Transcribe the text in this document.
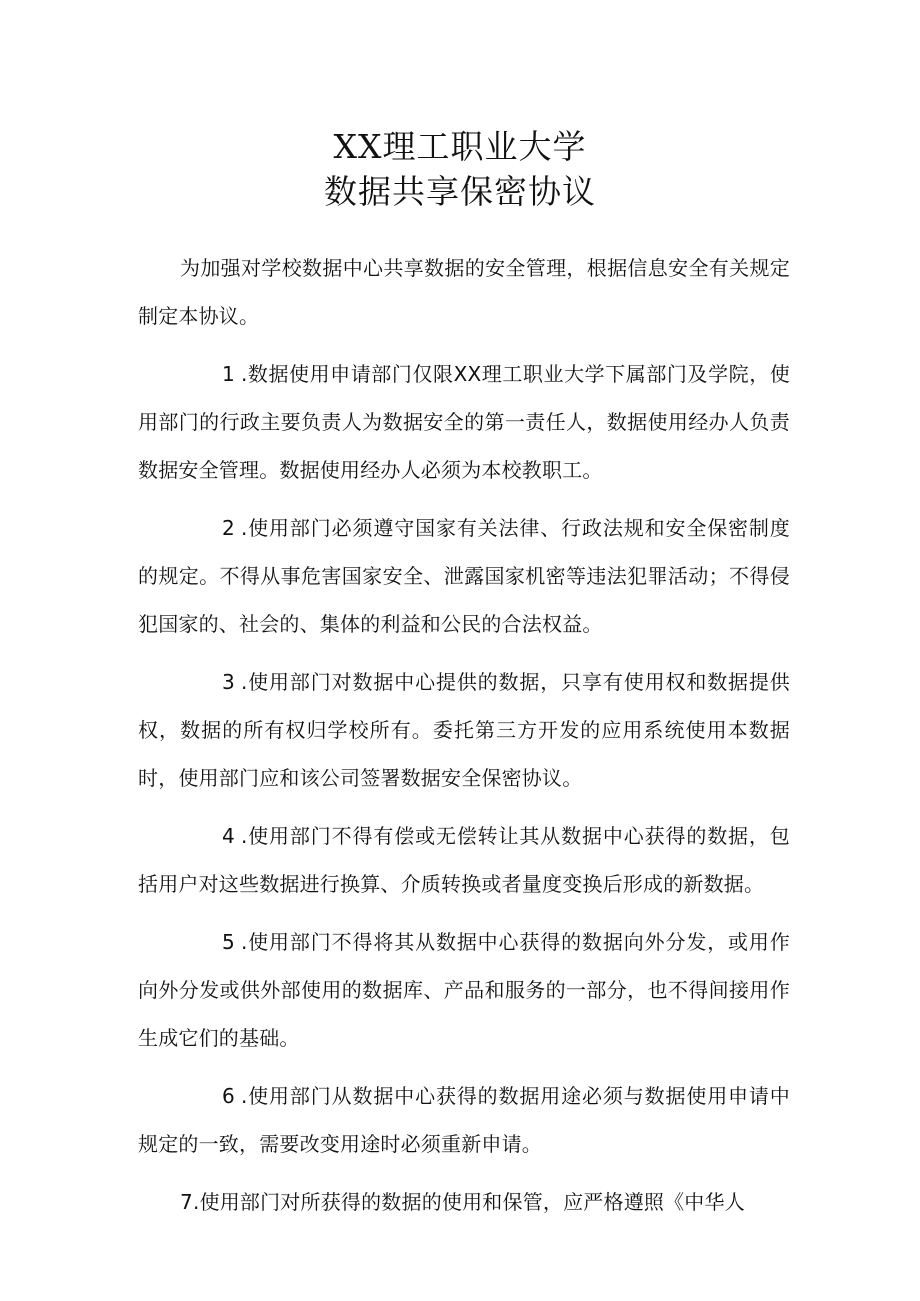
XX理工职业大学
数据共享保密协议

为加强对学校数据中心共享数据的安全管理，根据信息安全有关规定制定本协议。

1 .数据使用申请部门仅限XX理工职业大学下属部门及学院，使用部门的行政主要负责人为数据安全的第一责任人，数据使用经办人负责数据安全管理。数据使用经办人必须为本校教职工。

2 .使用部门必须遵守国家有关法律、行政法规和安全保密制度的规定。不得从事危害国家安全、泄露国家机密等违法犯罪活动；不得侵犯国家的、社会的、集体的利益和公民的合法权益。

3 .使用部门对数据中心提供的数据，只享有使用权和数据提供权，数据的所有权归学校所有。委托第三方开发的应用系统使用本数据时，使用部门应和该公司签署数据安全保密协议。

4 .使用部门不得有偿或无偿转让其从数据中心获得的数据，包括用户对这些数据进行换算、介质转换或者量度变换后形成的新数据。

5 .使用部门不得将其从数据中心获得的数据向外分发，或用作向外分发或供外部使用的数据库、产品和服务的一部分，也不得间接用作生成它们的基础。

6 .使用部门从数据中心获得的数据用途必须与数据使用申请中规定的一致，需要改变用途时必须重新申请。

7.使用部门对所获得的数据的使用和保管，应严格遵照《中华人
